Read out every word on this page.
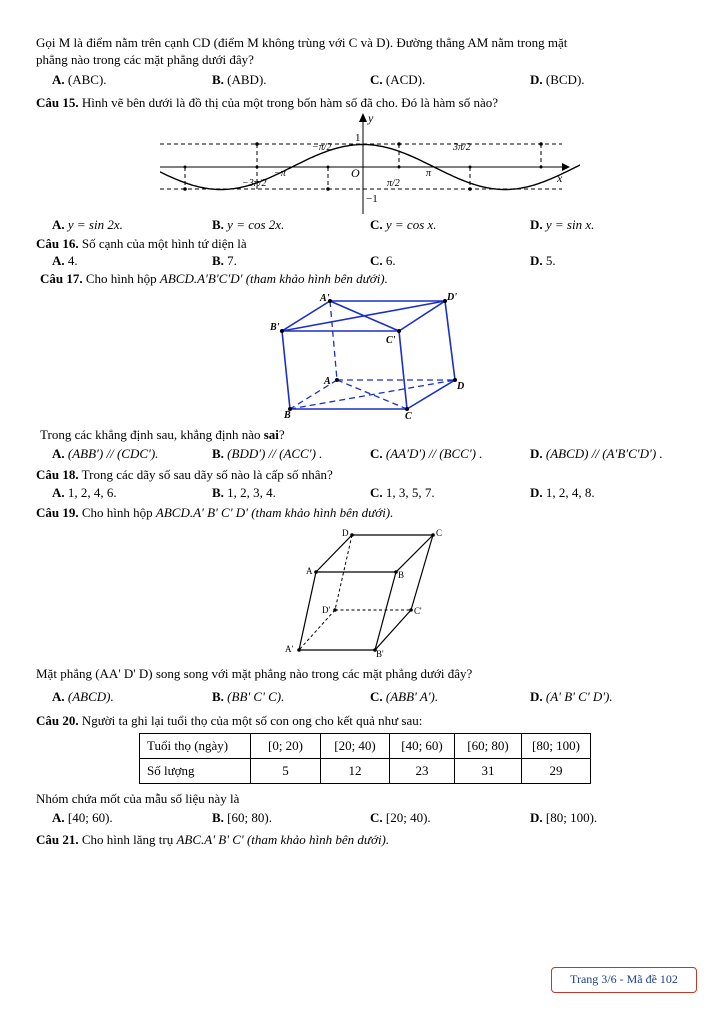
Gọi M là điểm nằm trên cạnh CD (điểm M không trùng với C và D). Đường thẳng AM nằm trong mặt
phẳng nào trong các mặt phẳng dưới đây?
A. (ABC).	B. (ABD).	C. (ACD).	D. (BCD).
Câu 15. Hình vẽ bên dưới là đồ thị của một trong bốn hàm số đã cho. Đó là hàm số nào?
y
x
O
1
−1
−3π/2
−π
−π/2
π/2
π
3π/2
A. y = sin 2x.	B. y = cos 2x.	C. y = cos x.	D. y = sin x.
Câu 16. Số cạnh của một hình tứ diện là
A. 4.	B. 7.	C. 6.	D. 5.
Câu 17. Cho hình hộp ABCD.A′B′C′D′ (tham khảo hình bên dưới).
A'	D'
B'
C'
A	D
B	C
Trong các khẳng định sau, khẳng định nào sai?
A. (ABB′) // (CDC′).	B. (BDD′) // (ACC′) .	C. (AA′D′) // (BCC′) .	D. (ABCD) // (A′B′C′D′) .
Câu 18. Trong các dãy số sau dãy số nào là cấp số nhân?
A. 1, 2, 4, 6.	B. 1, 2, 3, 4.	C. 1, 3, 5, 7.	D. 1, 2, 4, 8.
Câu 19. Cho hình hộp ABCD.A' B' C' D' (tham khảo hình bên dưới).
D	C
A	B
D'	C'
A'	B'
Mặt phẳng (AA' D' D) song song với mặt phẳng nào trong các mặt phẳng dưới đây?
A. (ABCD).	B. (BB' C' C).	C. (ABB' A').	D. (A' B' C' D').
Câu 20. Người ta ghi lại tuổi thọ của một số con ong cho kết quả như sau:
Tuổi thọ (ngày)	[0; 20)	[20; 40)	[40; 60)	[60; 80)	[80; 100)
Số lượng	5	12	23	31	29
Nhóm chứa mốt của mẫu số liệu này là
A. [40; 60).	B. [60; 80).	C. [20; 40).	D. [80; 100).
Câu 21. Cho hình lăng trụ ABC.A' B' C' (tham khảo hình bên dưới).
Trang 3/6 - Mã đề 102
